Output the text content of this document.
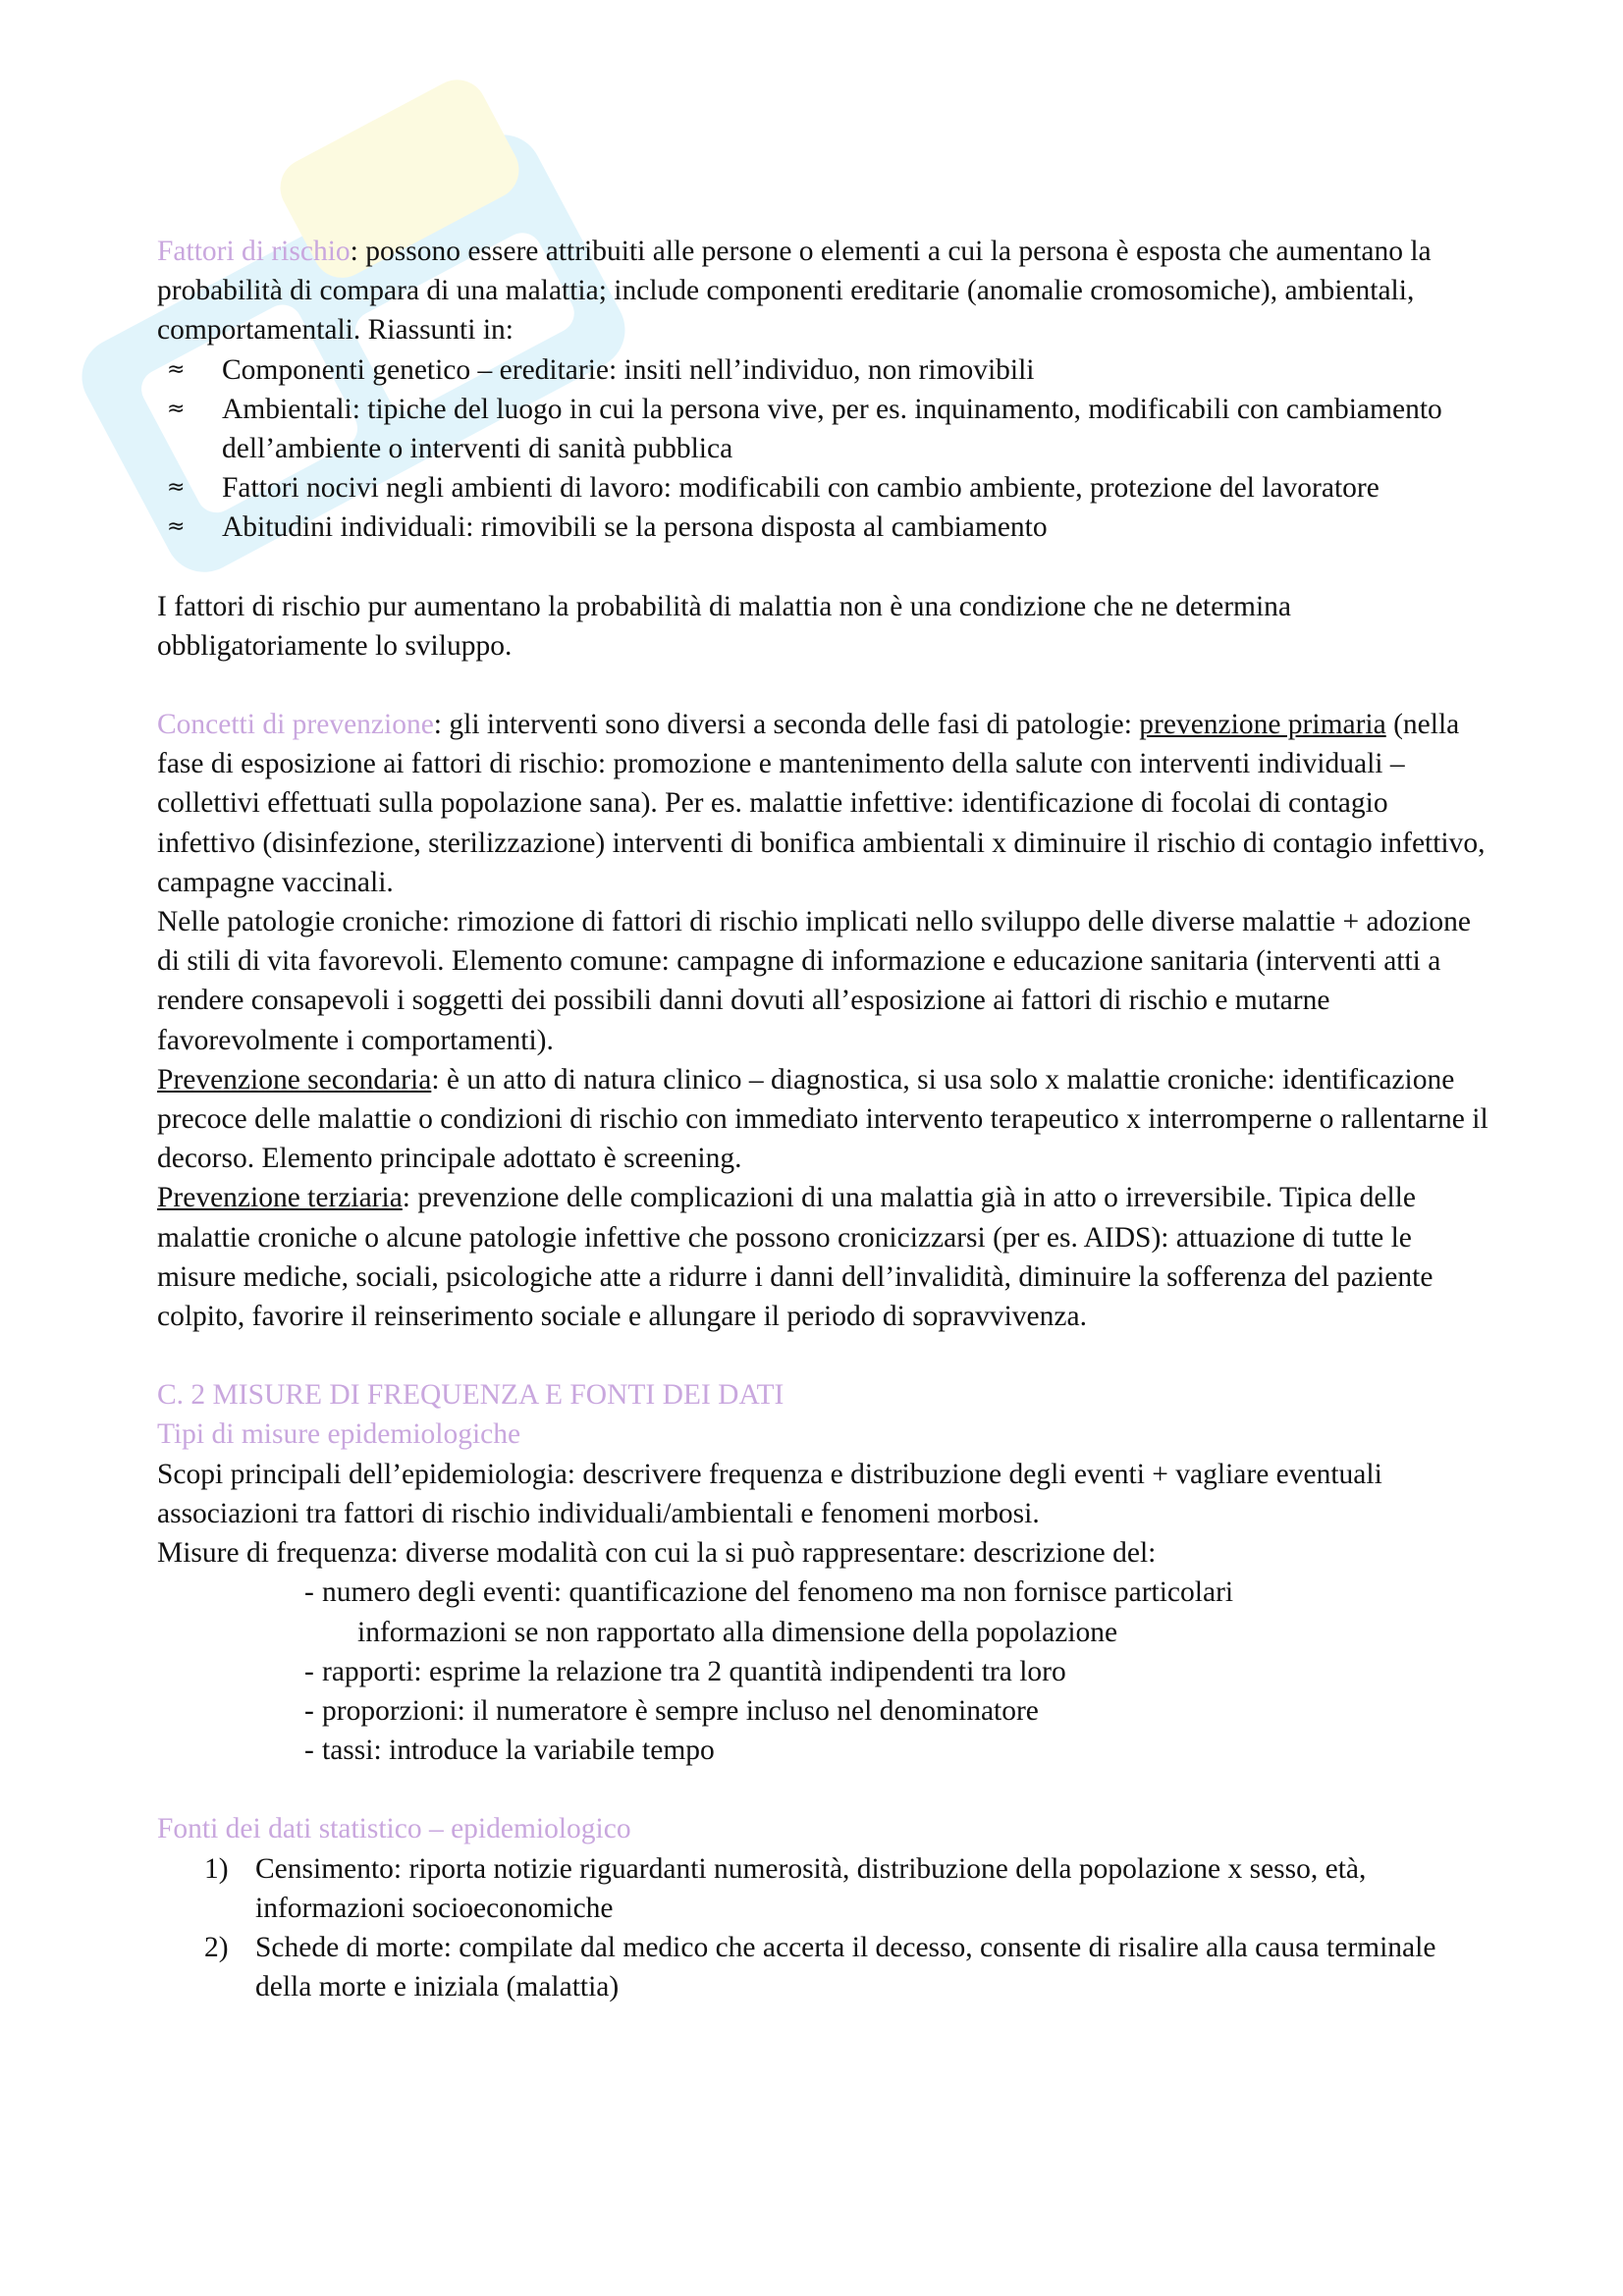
Fattori di rischio: possono essere attribuiti alle persone o elementi a cui la persona è esposta che aumentano la probabilità di compara di una malattia; include componenti ereditarie (anomalie cromosomiche), ambientali, comportamentali. Riassunti in:

≈	Componenti genetico – ereditarie: insiti nell’individuo, non rimovibili
≈	Ambientali: tipiche del luogo in cui la persona vive, per es. inquinamento, modificabili con cambiamento dell’ambiente o interventi di sanità pubblica
≈	Fattori nocivi negli ambienti di lavoro: modificabili con cambio ambiente, protezione del lavoratore
≈	Abitudini individuali: rimovibili se la persona disposta al cambiamento

I fattori di rischio pur aumentano la probabilità di malattia non è una condizione che ne determina obbligatoriamente lo sviluppo.

Concetti di prevenzione: gli interventi sono diversi a seconda delle fasi di patologie: prevenzione primaria (nella fase di esposizione ai fattori di rischio: promozione e mantenimento della salute con interventi individuali – collettivi effettuati sulla popolazione sana). Per es. malattie infettive: identificazione di focolai di contagio infettivo (disinfezione, sterilizzazione) interventi di bonifica ambientali x diminuire il rischio di contagio infettivo, campagne vaccinali.

Nelle patologie croniche: rimozione di fattori di rischio implicati nello sviluppo delle diverse malattie + adozione di stili di vita favorevoli. Elemento comune: campagne di informazione e educazione sanitaria (interventi atti a rendere consapevoli i soggetti dei possibili danni dovuti all’esposizione ai fattori di rischio e mutarne favorevolmente i comportamenti).

Prevenzione secondaria: è un atto di natura clinico – diagnostica, si usa solo x malattie croniche: identificazione precoce delle malattie o condizioni di rischio con immediato intervento terapeutico x interromperne o rallentarne il decorso. Elemento principale adottato è screening.

Prevenzione terziaria: prevenzione delle complicazioni di una malattia già in atto o irreversibile. Tipica delle malattie croniche o alcune patologie infettive che possono cronicizzarsi (per es. AIDS): attuazione di tutte le misure mediche, sociali, psicologiche atte a ridurre i danni dell’invalidità, diminuire la sofferenza del paziente colpito, favorire il reinserimento sociale e allungare il periodo di sopravvivenza.

C. 2 MISURE DI FREQUENZA E FONTI DEI DATI
Tipi di misure epidemiologiche

Scopi principali dell’epidemiologia: descrivere frequenza e distribuzione degli eventi + vagliare eventuali associazioni tra fattori di rischio individuali/ambientali e fenomeni morbosi.

Misure di frequenza: diverse modalità con cui la si può rappresentare: descrizione del:

- numero degli eventi: quantificazione del fenomeno ma non fornisce particolari
informazioni se non rapportato alla dimensione della popolazione
- rapporti: esprime la relazione tra 2 quantità indipendenti tra loro
- proporzioni: il numeratore è sempre incluso nel denominatore
- tassi: introduce la variabile tempo
Fonti dei dati statistico – epidemiologico
1) Censimento: riporta notizie riguardanti numerosità, distribuzione della popolazione x sesso, età, informazioni socioeconomiche
2) Schede di morte: compilate dal medico che accerta il decesso, consente di risalire alla causa terminale della morte e iniziala (malattia)
